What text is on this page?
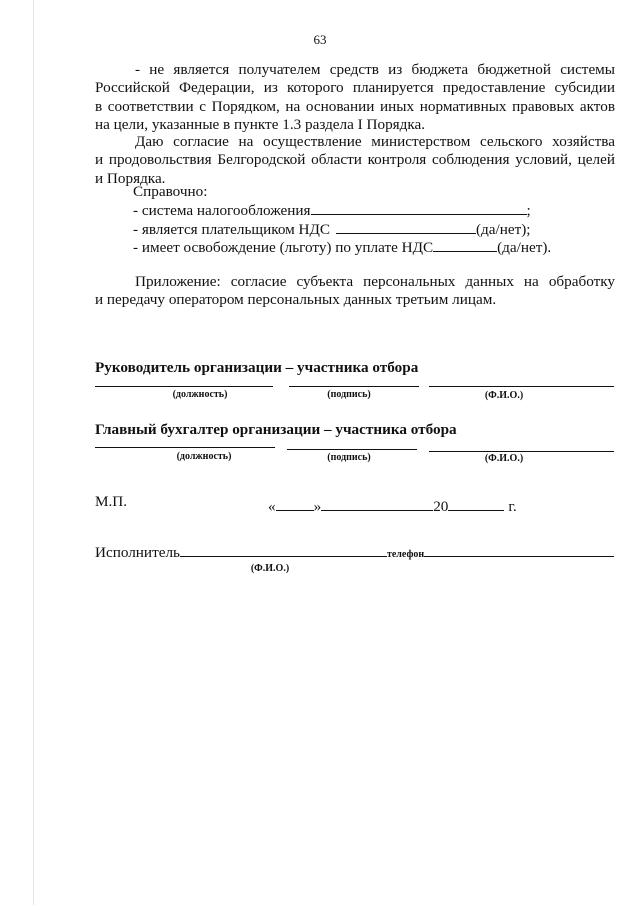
63
- не является получателем средств из бюджета бюджетной системы
Российской Федерации, из которого планируется предоставление субсидии
в соответствии с Порядком, на основании иных нормативных правовых актов
на цели, указанные в пункте 1.3 раздела I Порядка.
Даю согласие на осуществление министерством сельского хозяйства
и продовольствия Белгородской области контроля соблюдения условий, целей
и Порядка.
Справочно:
- система налогообложения	;
- является плательщиком НДС	(да/нет);
- имеет освобождение (льготу) по уплате НДС	(да/нет).
Приложение: согласие субъекта персональных данных на обработку
и передачу оператором персональных данных третьим лицам.
Руководитель организации – участника отбора
(должность)	(подпись)	(Ф.И.О.)
Главный бухгалтер организации – участника отбора
(должность)	(подпись)	(Ф.И.О.)
М.П.	«	»	20	г.
Исполнитель	телефон
(Ф.И.О.)
